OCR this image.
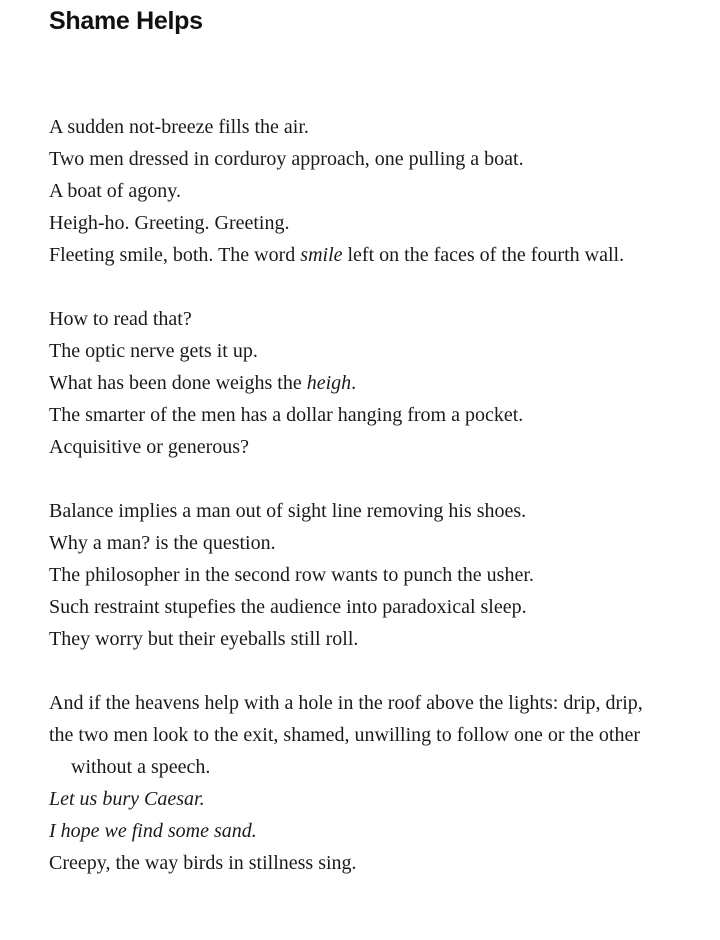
Shame Helps
A sudden not-breeze fills the air.
Two men dressed in corduroy approach, one pulling a boat.
A boat of agony.
Heigh-ho. Greeting. Greeting.
Fleeting smile, both. The word smile left on the faces of the fourth wall.
How to read that?
The optic nerve gets it up.
What has been done weighs the heigh.
The smarter of the men has a dollar hanging from a pocket.
Acquisitive or generous?
Balance implies a man out of sight line removing his shoes.
Why a man? is the question.
The philosopher in the second row wants to punch the usher.
Such restraint stupefies the audience into paradoxical sleep.
They worry but their eyeballs still roll.
And if the heavens help with a hole in the roof above the lights: drip, drip,
the two men look to the exit, shamed, unwilling to follow one or the other
without a speech.
Let us bury Caesar.
I hope we find some sand.
Creepy, the way birds in stillness sing.
